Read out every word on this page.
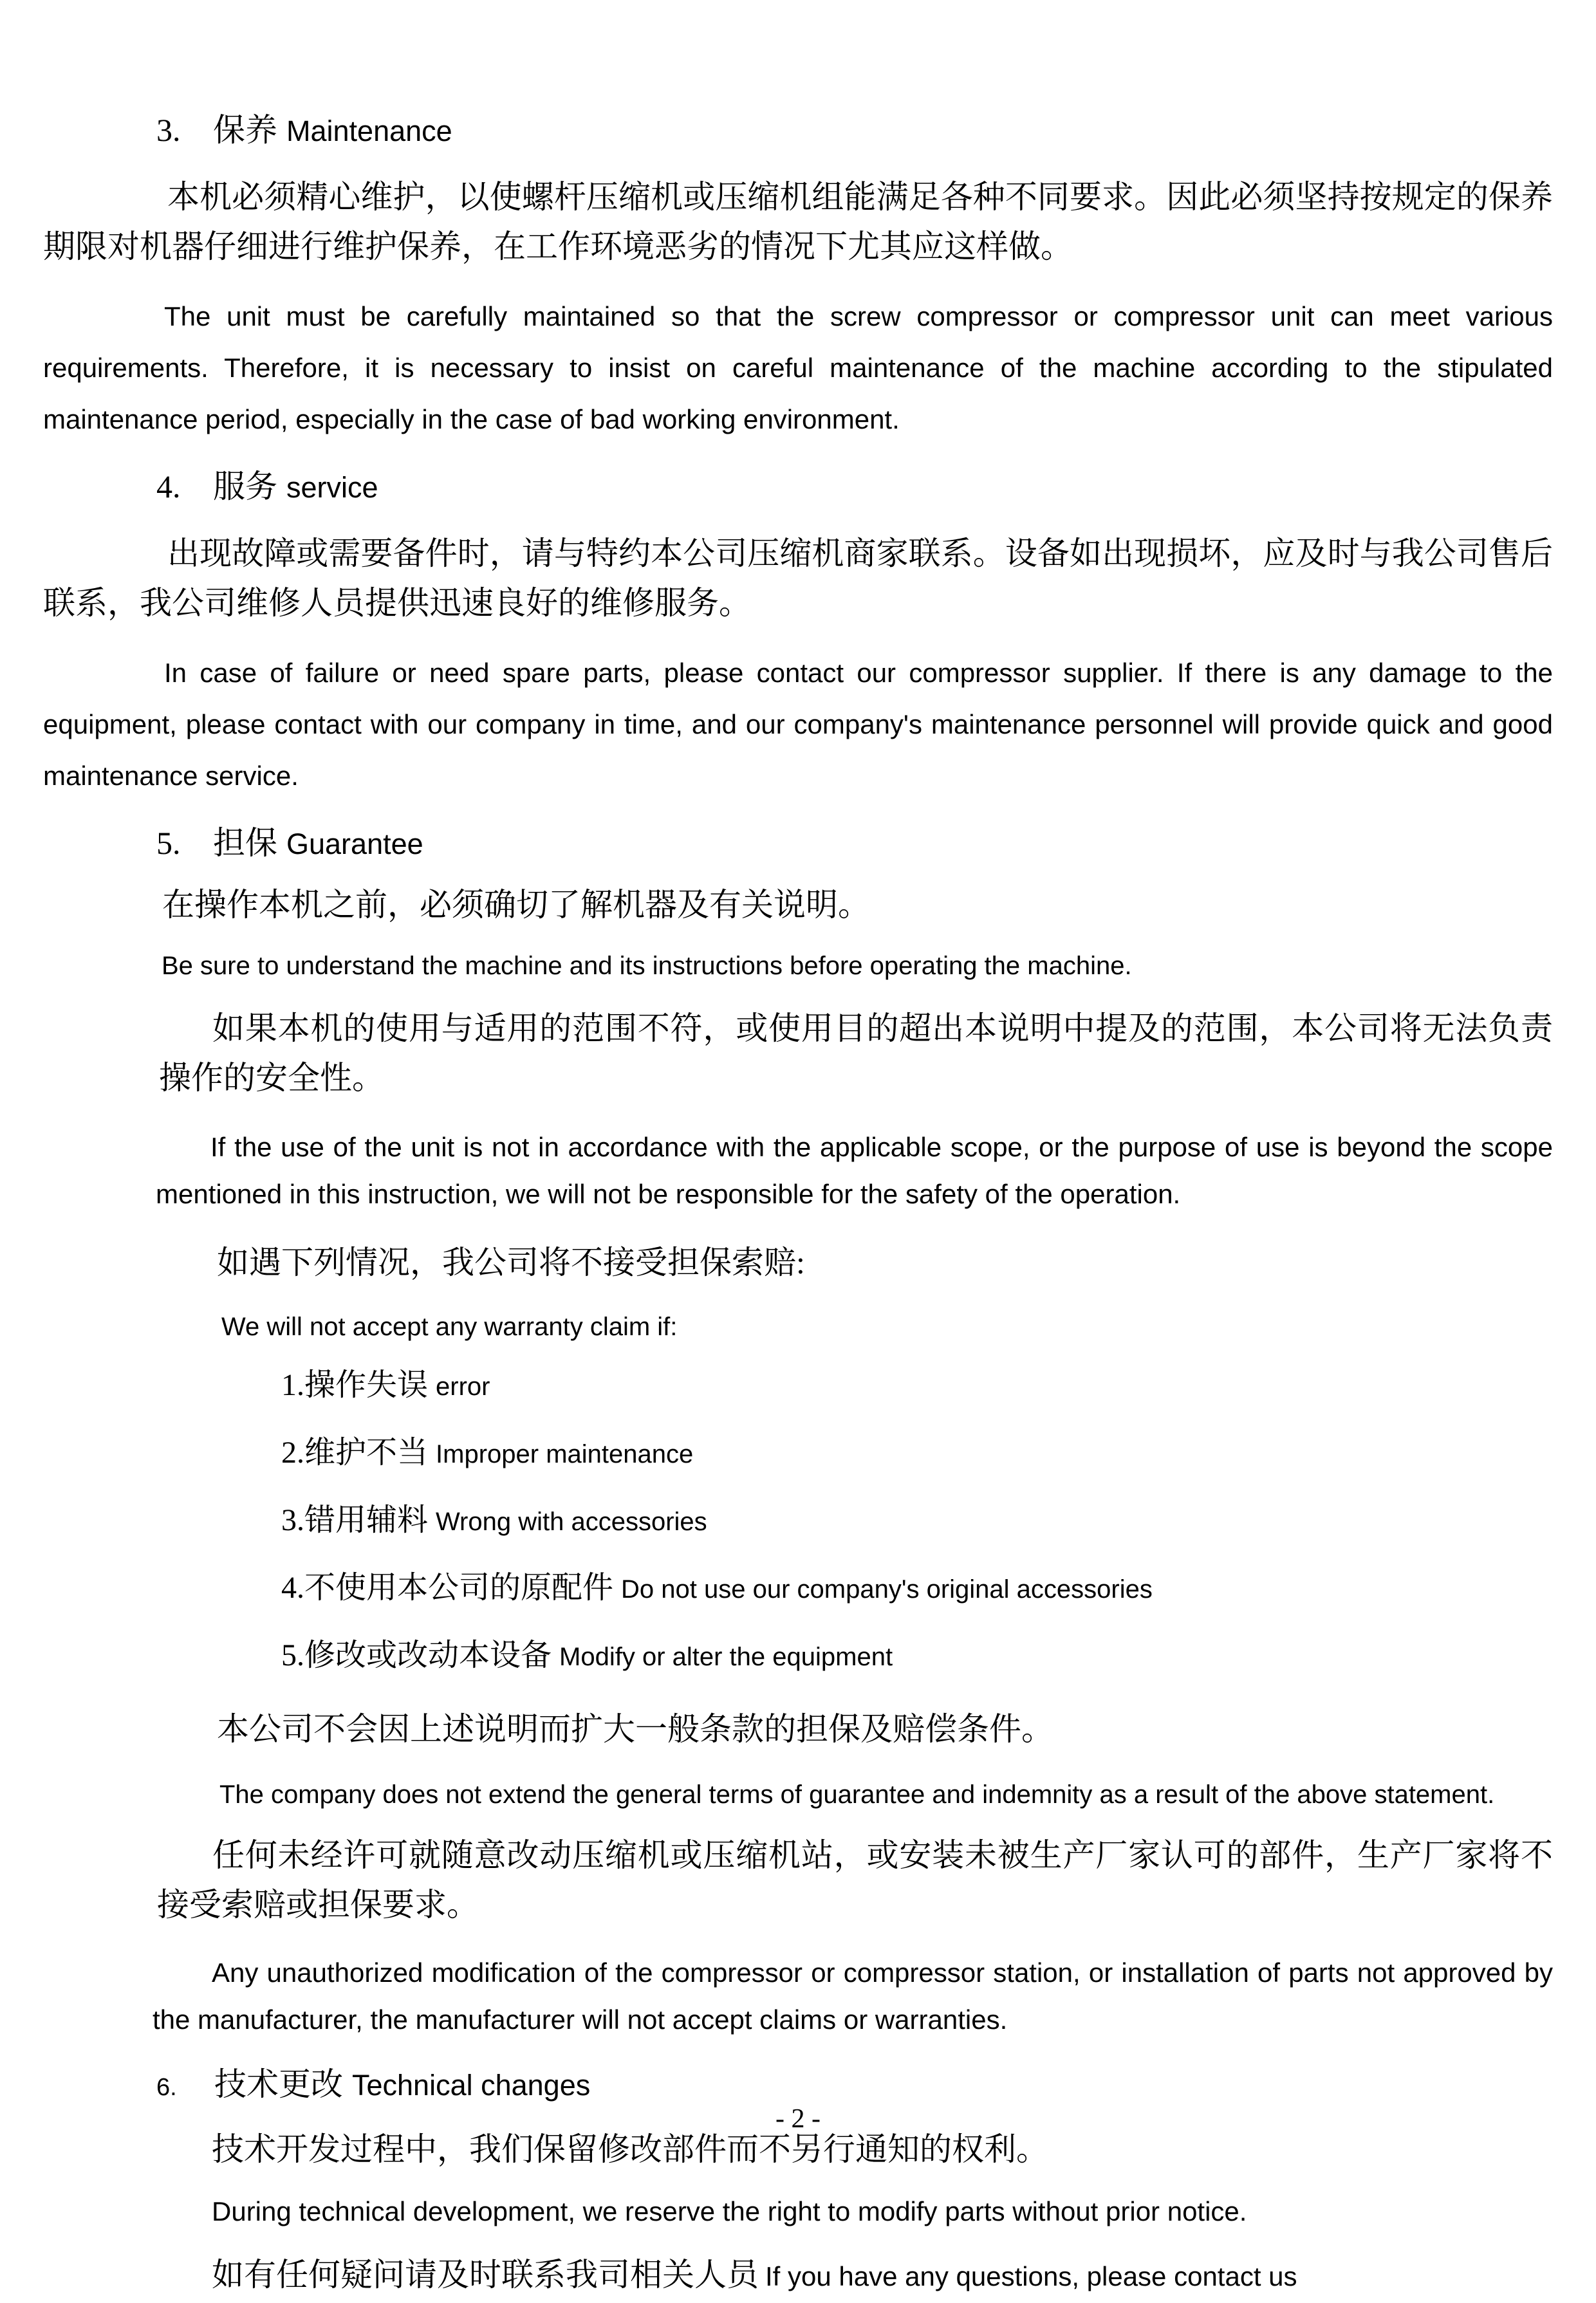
3. 保养 Maintenance

本机必须精心维护，以使螺杆压缩机或压缩机组能满足各种不同要求。因此必须坚持按规定的保养期限对机器仔细进行维护保养，在工作环境恶劣的情况下尤其应这样做。

The unit must be carefully maintained so that the screw compressor or compressor unit can meet various requirements. Therefore, it is necessary to insist on careful maintenance of the machine according to the stipulated maintenance period, especially in the case of bad working environment.

4. 服务 service

出现故障或需要备件时，请与特约本公司压缩机商家联系。设备如出现损坏，应及时与我公司售后联系，我公司维修人员提供迅速良好的维修服务。

In case of failure or need spare parts, please contact our compressor supplier. If there is any damage to the equipment, please contact with our company in time, and our company's maintenance personnel will provide quick and good maintenance service.

5. 担保 Guarantee

在操作本机之前，必须确切了解机器及有关说明。

Be sure to understand the machine and its instructions before operating the machine.

如果本机的使用与适用的范围不符，或使用目的超出本说明中提及的范围，本公司将无法负责操作的安全性。

If the use of the unit is not in accordance with the applicable scope, or the purpose of use is beyond the scope mentioned in this instruction, we will not be responsible for the safety of the operation.

如遇下列情况，我公司将不接受担保索赔:

We will not accept any warranty claim if:

1.操作失误 error

2.维护不当 Improper maintenance

3.错用辅料 Wrong with accessories

4.不使用本公司的原配件 Do not use our company's original accessories

5.修改或改动本设备 Modify or alter the equipment

本公司不会因上述说明而扩大一般条款的担保及赔偿条件。

The company does not extend the general terms of guarantee and indemnity as a result of the above statement.

任何未经许可就随意改动压缩机或压缩机站，或安装未被生产厂家认可的部件，生产厂家将不接受索赔或担保要求。

Any unauthorized modification of the compressor or compressor station, or installation of parts not approved by the manufacturer, the manufacturer will not accept claims or warranties.

6. 技术更改 Technical changes

技术开发过程中，我们保留修改部件而不另行通知的权利。

During technical development, we reserve the right to modify parts without prior notice.

如有任何疑问请及时联系我司相关人员 If you have any questions, please contact us

- 2 -
